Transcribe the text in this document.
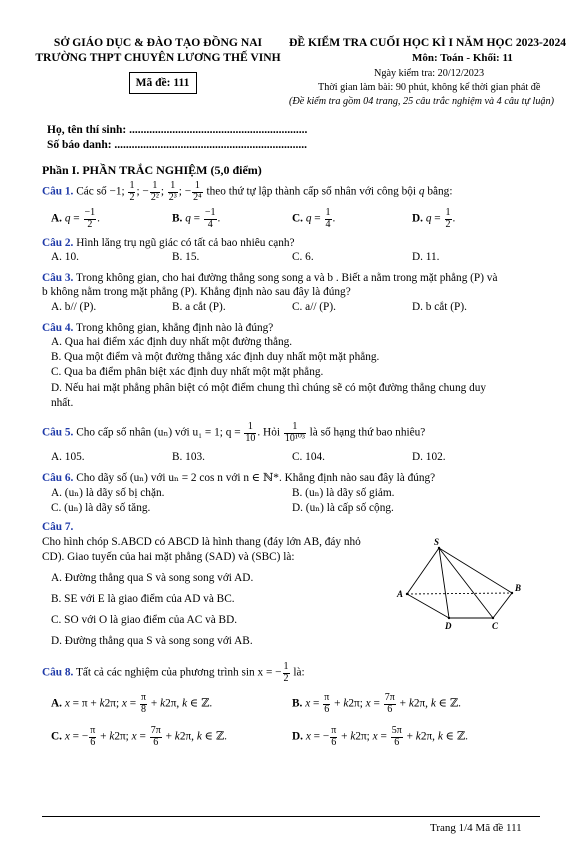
SỞ GIÁO DỤC & ĐÀO TẠO ĐỒNG NAI
TRƯỜNG THPT CHUYÊN LƯƠNG THẾ VINH
Mã đề: 111
ĐỀ KIỂM TRA CUỐI HỌC KÌ I NĂM HỌC 2023-2024
Môn: Toán - Khối: 11
Ngày kiểm tra: 20/12/2023
Thời gian làm bài: 90 phút, không kể thời gian phát đề
(Đề kiểm tra gồm 04 trang, 25 câu trắc nghiệm và 4 câu tự luận)
Họ, tên thí sinh: ..............................................................
Số báo danh: ...................................................................
Phần I. PHẦN TRẮC NGHIỆM (5,0 điểm)
Câu 1. Các số −1; $\frac{1}{2}$ ; − $\frac{1}{\text{2²}}$ ; $\frac{1}{\text{2³}}$ ; − $\frac{1}{\text{2⁴}}$ theo thứ tự lập thành cấp số nhân với công bội q bằng:
A. $q = \frac{-1}{2}$ .	B. $q = \frac{-1}{4}$ .	C. $q = \frac{1}{4}$ .	D. $q = \frac{1}{2}$ .
Câu 2. Hình lăng trụ ngũ giác có tất cả bao nhiêu cạnh?
A. 10.	B. 15.	C. 6.	D. 11.
Câu 3. Trong không gian, cho hai đường thẳng song song a và b . Biết a nằm trong mặt phẳng (P) và
b không nằm trong mặt phẳng (P). Khẳng định nào sau đây là đúng?
A. b// (P).	B. a cắt (P).	C. a// (P).	D. b cắt (P).
Câu 4. Trong không gian, khẳng định nào là đúng?
A. Qua hai điểm xác định duy nhất một đường thẳng.
B. Qua một điểm và một đường thẳng xác định duy nhất một mặt phẳng.
C. Qua ba điểm phân biệt xác định duy nhất một mặt phẳng.
D. Nếu hai mặt phẳng phân biệt có một điểm chung thì chúng sẽ có một đường thẳng chung duy
nhất.
Câu 5. Cho cấp số nhân (uₙ) với u₁ = 1; $q = \frac{1}{10}$ . Hỏi $\frac{1}{\text{10¹⁰³}}$ là số hạng thứ bao nhiêu?
A. 105.	B. 103.	C. 104.	D. 102.
Câu 6. Cho dãy số (uₙ) với uₙ = 2 cos n với n ∈ ℕ*. Khẳng định nào sau đây là đúng?
A. (uₙ) là dãy số bị chặn.	B. (uₙ) là dãy số giảm.
C. (uₙ) là dãy số tăng.	D. (uₙ) là cấp số cộng.
Câu 7.
Cho hình chóp S.ABCD có ABCD là hình thang (đáy lớn AB, đáy nhỏ
CD). Giao tuyến của hai mặt phẳng (SAD) và (SBC) là:
A. Đường thẳng qua S và song song với AD.
B. SE với E là giao điểm của AD và BC.
C. SO với O là giao điểm của AC và BD.
D. Đường thẳng qua S và song song với AB.
S
A
B
C
D
Câu 8. Tất cả các nghiệm của phương trình sin x = − $\frac{1}{2}$ là:
A. x = π + k2π; $x = \frac{\pi}{8} + k2\pi$, k ∈ ℤ.	B. $x = \frac{\pi}{6} + k2\pi$; $x = \frac{7\pi}{6} + k2\pi$, k ∈ ℤ.
C. x = − $\frac{\pi}{6} + k2\pi$; $x = \frac{7\pi}{6} + k2\pi$, k ∈ ℤ.	D. x = − $\frac{\pi}{6} + k2\pi$; $x = \frac{5\pi}{6} + k2\pi$, k ∈ ℤ.
Trang 1/4 Mã đề 111
